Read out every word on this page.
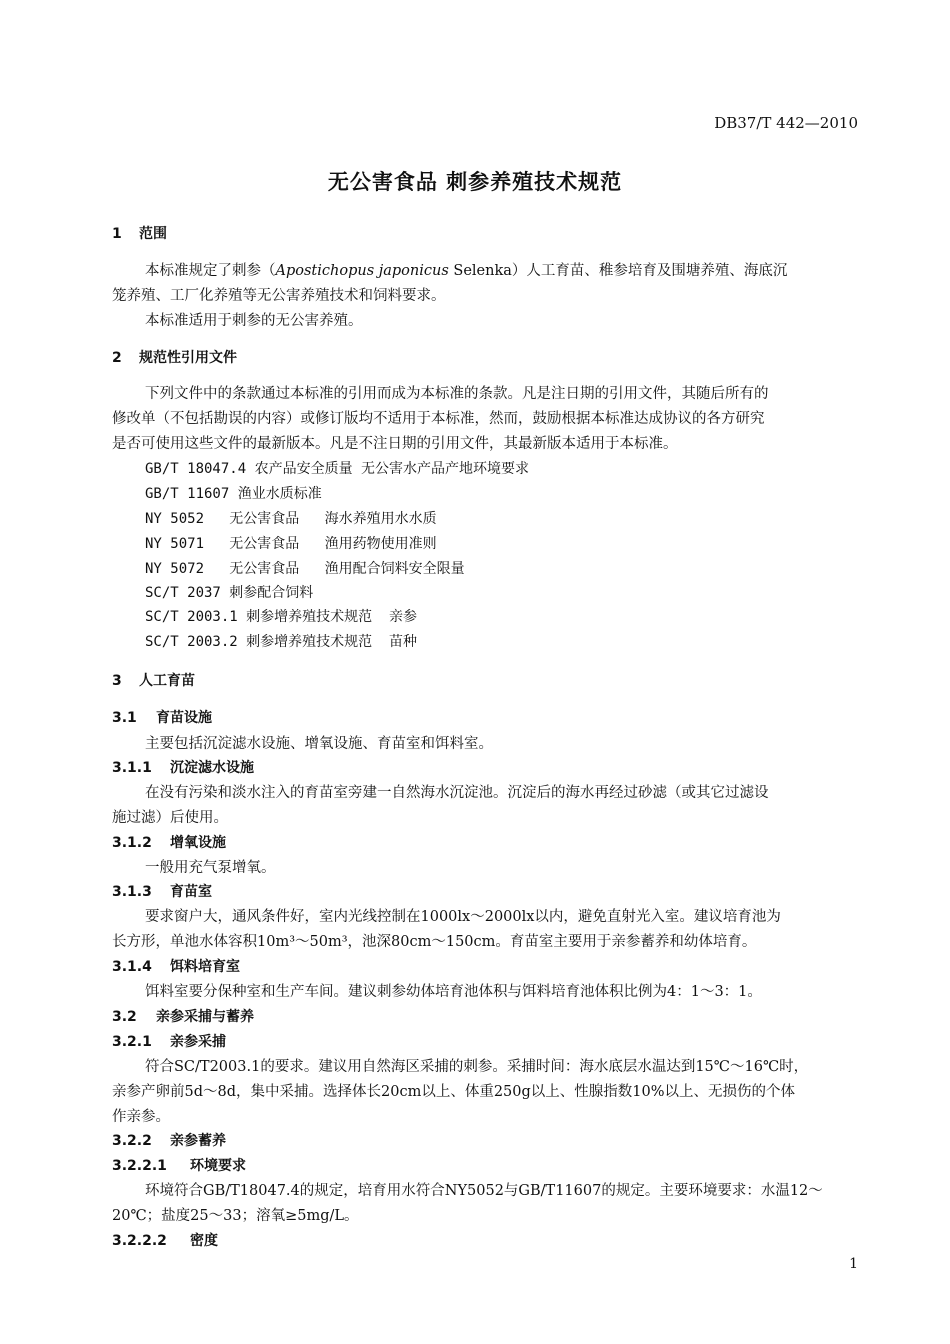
DB37/T 442—2010
无公害食品 刺参养殖技术规范
1 范围
本标准规定了刺参（Apostichopus japonicus Selenka）人工育苗、稚参培育及围塘养殖、海底沉
笼养殖、工厂化养殖等无公害养殖技术和饲料要求。
本标准适用于刺参的无公害养殖。
2 规范性引用文件
下列文件中的条款通过本标准的引用而成为本标准的条款。凡是注日期的引用文件，其随后所有的
修改单（不包括勘误的内容）或修订版均不适用于本标准，然而，鼓励根据本标准达成协议的各方研究
是否可使用这些文件的最新版本。凡是不注日期的引用文件，其最新版本适用于本标准。
GB/T 18047.4 农产品安全质量 无公害水产品产地环境要求
GB/T 11607 渔业水质标准
NY 5052   无公害食品   海水养殖用水水质
NY 5071   无公害食品   渔用药物使用准则
NY 5072   无公害食品   渔用配合饲料安全限量
SC/T 2037 刺参配合饲料
SC/T 2003.1 刺参增养殖技术规范  亲参
SC/T 2003.2 刺参增养殖技术规范  苗种
3 人工育苗
3.1 育苗设施
主要包括沉淀滤水设施、增氧设施、育苗室和饵料室。
3.1.1 沉淀滤水设施
在没有污染和淡水注入的育苗室旁建一自然海水沉淀池。沉淀后的海水再经过砂滤（或其它过滤设
施过滤）后使用。
3.1.2 增氧设施
一般用充气泵增氧。
3.1.3 育苗室
要求窗户大，通风条件好，室内光线控制在1000lx～2000lx以内，避免直射光入室。建议培育池为
长方形，单池水体容积10m³～50m³，池深80cm～150cm。育苗室主要用于亲参蓄养和幼体培育。
3.1.4 饵料培育室
饵料室要分保种室和生产车间。建议刺参幼体培育池体积与饵料培育池体积比例为4：1～3：1。
3.2 亲参采捕与蓄养
3.2.1 亲参采捕
符合SC/T2003.1的要求。建议用自然海区采捕的刺参。采捕时间：海水底层水温达到15℃～16℃时，
亲参产卵前5d～8d，集中采捕。选择体长20cm以上、体重250g以上、性腺指数10%以上、无损伤的个体
作亲参。
3.2.2 亲参蓄养
3.2.2.1 环境要求
环境符合GB/T18047.4的规定，培育用水符合NY5052与GB/T11607的规定。主要环境要求：水温12～
20℃；盐度25～33；溶氧≥5mg/L。
3.2.2.2 密度
1
